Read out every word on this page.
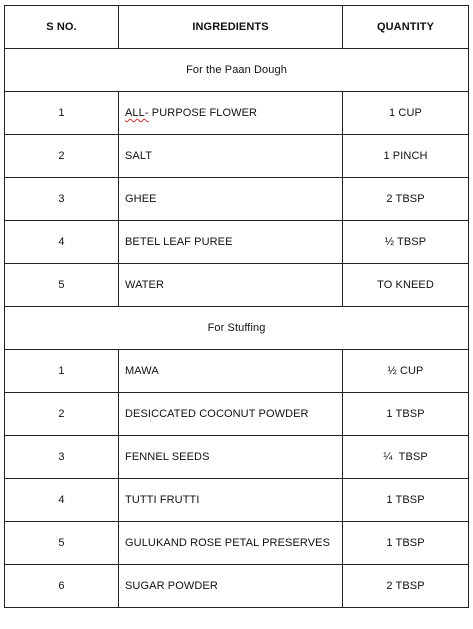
S NO.	INGREDIENTS	QUANTITY
For the Paan Dough		
1	ALL- PURPOSE FLOWER	1 CUP
2	SALT	1 PINCH
3	GHEE	2 TBSP
4	BETEL LEAF PUREE	½ TBSP
5	WATER	TO KNEED
For Stuffing		
1	MAWA	½ CUP
2	DESICCATED COCONUT POWDER	1 TBSP
3	FENNEL SEEDS	¼  TBSP
4	TUTTI FRUTTI	1 TBSP
5	GULUKAND ROSE PETAL PRESERVES	1 TBSP
6	SUGAR POWDER	2 TBSP
